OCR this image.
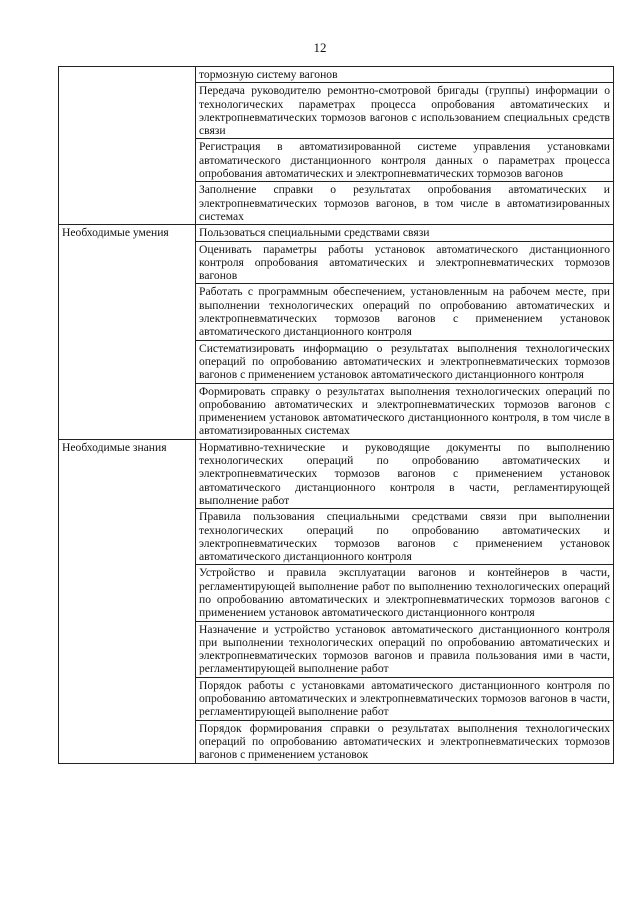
12
	тормозную систему вагонов
	Передача руководителю ремонтно-смотровой бригады (группы) информации о технологических параметрах процесса опробования автоматических и электропневматических тормозов вагонов с использованием специальных средств связи
	Регистрация в автоматизированной системе управления установками автоматического дистанционного контроля данных о параметрах процесса опробования автоматических и электропневматических тормозов вагонов
	Заполнение справки о результатах опробования автоматических и электропневматических тормозов вагонов, в том числе в автоматизированных системах
Необходимые умения	Пользоваться специальными средствами связи
	Оценивать параметры работы установок автоматического дистанционного контроля опробования автоматических и электропневматических тормозов вагонов
	Работать с программным обеспечением, установленным на рабочем месте, при выполнении технологических операций по опробованию автоматических и электропневматических тормозов вагонов с применением установок автоматического дистанционного контроля
	Систематизировать информацию о результатах выполнения технологических операций по опробованию автоматических и электропневматических тормозов вагонов с применением установок автоматического дистанционного контроля
	Формировать справку о результатах выполнения технологических операций по опробованию автоматических и электропневматических тормозов вагонов с применением установок автоматического дистанционного контроля, в том числе в автоматизированных системах
Необходимые знания	Нормативно-технические и руководящие документы по выполнению технологических операций по опробованию автоматических и электропневматических тормозов вагонов с применением установок автоматического дистанционного контроля в части, регламентирующей выполнение работ
	Правила пользования специальными средствами связи при выполнении технологических операций по опробованию автоматических и электропневматических тормозов вагонов с применением установок автоматического дистанционного контроля
	Устройство и правила эксплуатации вагонов и контейнеров в части, регламентирующей выполнение работ по выполнению технологических операций по опробованию автоматических и электропневматических тормозов вагонов с применением установок автоматического дистанционного контроля
	Назначение и устройство установок автоматического дистанционного контроля при выполнении технологических операций по опробованию автоматических и электропневматических тормозов вагонов и правила пользования ими в части, регламентирующей выполнение работ
	Порядок работы с установками автоматического дистанционного контроля по опробованию автоматических и электропневматических тормозов вагонов в части, регламентирующей выполнение работ
	Порядок формирования справки о результатах выполнения технологических операций по опробованию автоматических и электропневматических тормозов вагонов с применением установок
